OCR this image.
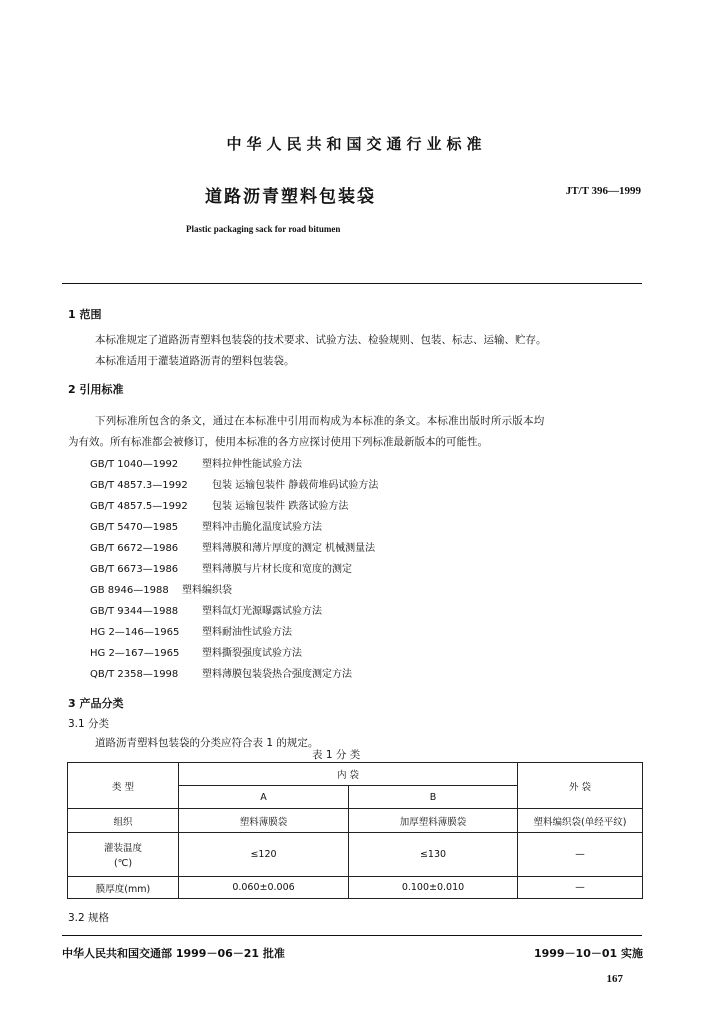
中华人民共和国交通行业标准
道路沥青塑料包装袋	JT/T 396—1999
Plastic packaging sack for road bitumen
1 范围
本标准规定了道路沥青塑料包装袋的技术要求、试验方法、检验规则、包装、标志、运输、贮存。
本标准适用于灌装道路沥青的塑料包装袋。
2 引用标准
下列标准所包含的条文，通过在本标准中引用而构成为本标准的条文。本标准出版时所示版本均
为有效。所有标准都会被修订，使用本标准的各方应探讨使用下列标准最新版本的可能性。
GB/T 1040—1992 塑料拉伸性能试验方法
GB/T 4857.3—1992 包装 运输包装件 静载荷堆码试验方法
GB/T 4857.5—1992 包装 运输包装件 跌落试验方法
GB/T 5470—1985 塑料冲击脆化温度试验方法
GB/T 6672—1986 塑料薄膜和薄片厚度的测定 机械测量法
GB/T 6673—1986 塑料薄膜与片材长度和宽度的测定
GB 8946—1988 塑料编织袋
GB/T 9344—1988 塑料氙灯光源曝露试验方法
HG 2—146—1965 塑料耐油性试验方法
HG 2—167—1965 塑料撕裂强度试验方法
QB/T 2358—1998 塑料薄膜包装袋热合强度测定方法
3 产品分类
3.1 分类
道路沥青塑料包装袋的分类应符合表 1 的规定。
表 1 分 类
类 型	内 袋		外 袋
	A	B	
组织	塑料薄膜袋	加厚塑料薄膜袋	塑料编织袋(单经平纹)

灌装温度
(℃)	≤120	≤130	—
膜厚度(mm)	0.060±0.006	0.100±0.010	—
3.2 规格
中华人民共和国交通部 1999－06－21 批准	1999－10－01 实施
167
